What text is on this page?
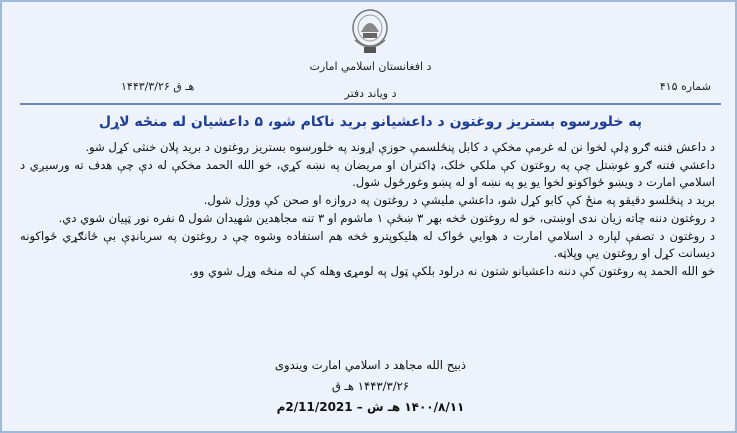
د افغانستان اسلامي امارت
۱۴۴۳/۳/۲۶ هـ ق
د ویاند دفتر
شماره ۴۱۵
په خلورسوه بستريز روغتون د داعشيانو بريد ناکام شو، ۵ داعشيان له منځه لاړل

د داعش فتنه ګرو ډلې لخوا نن له غرمې مخکې د کابل پنځلسمې حوزې اړوند په خلورسوه بستريز روغتون د بريد پلان خنثی کړل شو.

داعشي فتنه ګرو غوښتل چې په روغتون کې ملکي خلک، ډاکتران او مريضان په نښه کړي، خو الله الحمد مخکې له دې چې هدف ته ورسيږي د اسلامي امارت د ويښو ځواکونو لخوا يو يو په نښه او له پښو وغورځول شول.

بريد د پنځلسو دقيقو په منځ کې کابو کړل شو، داعشي مليشې د روغتون په دروازه او صحن کې ووژل شول.

د روغتون دننه چاته زيان ندی اوښتی، خو له روغتون څخه بهر ۳ ښځې ۱ ماشوم او ۳ تنه مجاهدين شهيدان شول ۵ نفره نور ټپيان شوي دي.

د روغتون د تصفې لپاره د اسلامي امارت د هوايي ځواک له هليکوپترو څخه هم استفاده وشوه چې د روغتون په سربانډې بې ځانګړي ځواکونه ديسانت کړل او روغتون يې وپلاټه.

خو الله الحمد په روغتون کې دننه داعشيانو شتون نه درلود بلکې ټول په لومړۍ وهله کې له منځه وړل شوي وو.

ذبیح الله مجاهد د اسلامي امارت ویندوی
۱۴۴۳/۳/۲۶ هـ ق
۱۴۰۰/۸/۱۱ هـ ش – 2/11/2021م
